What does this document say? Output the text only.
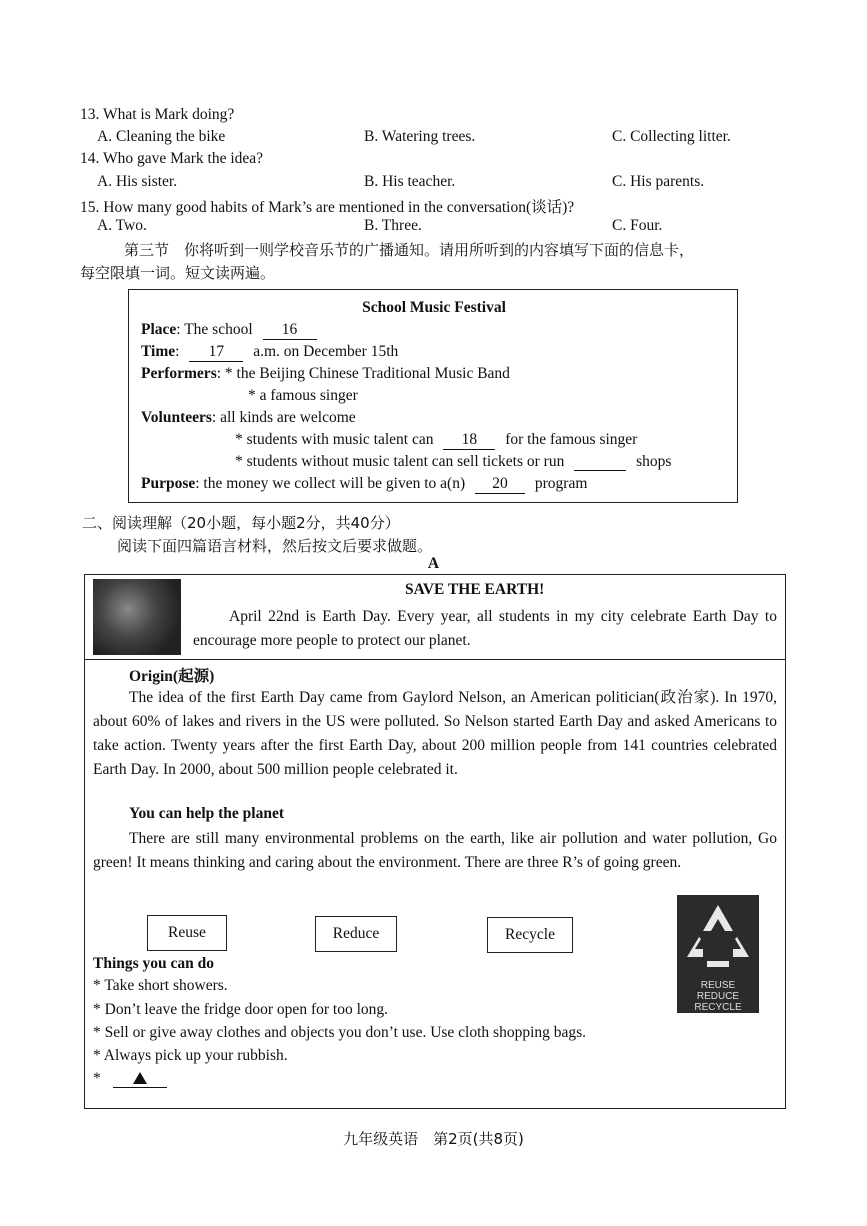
13. What is Mark doing?
A. Cleaning the bike	B. Watering trees.	C. Collecting litter.
14. Who gave Mark the idea?
A. His sister.	B. His teacher.	C. His parents.
15. How many good habits of Mark’s are mentioned in the conversation(谈话)?
A. Two.	B. Three.	C. Four.
第三节　你将听到一则学校音乐节的广播通知。请用所听到的内容填写下面的信息卡，
每空限填一词。短文读两遍。
School Music Festival
Place: The school 16
Time: 17 a.m. on December 15th
Performers: * the Beijing Chinese Traditional Music Band
* a famous singer
Volunteers: all kinds are welcome
* students with music talent can 18 for the famous singer
* students without music talent can sell tickets or run	shops
Purpose: the money we collect will be given to a(n) 20 program
二、阅读理解（20小题，每小题2分，共40分）
阅读下面四篇语言材料，然后按文后要求做题。
A
SAVE THE EARTH!
April 22nd is Earth Day. Every year, all students in my city celebrate Earth Day to encourage more people to protect our planet.
Origin(起源)
The idea of the first Earth Day came from Gaylord Nelson, an American politician(政治家). In 1970, about 60% of lakes and rivers in the US were polluted. So Nelson started Earth Day and asked Americans to take action. Twenty years after the first Earth Day, about 200 million people from 141 countries celebrated Earth Day. In 2000, about 500 million people celebrated it.
You can help the planet
There are still many environmental problems on the earth, like air pollution and water pollution, Go green! It means thinking and caring about the environment. There are three R’s of going green.
Reuse	Reduce	Recycle
REUSE
REDUCE
RECYCLE
Things you can do
* Take short showers.
* Don’t leave the fridge door open for too long.
* Sell or give away clothes and objects you don’t use. Use cloth shopping bags.
* Always pick up your rubbish.
*
九年级英语　第2页(共8页)
